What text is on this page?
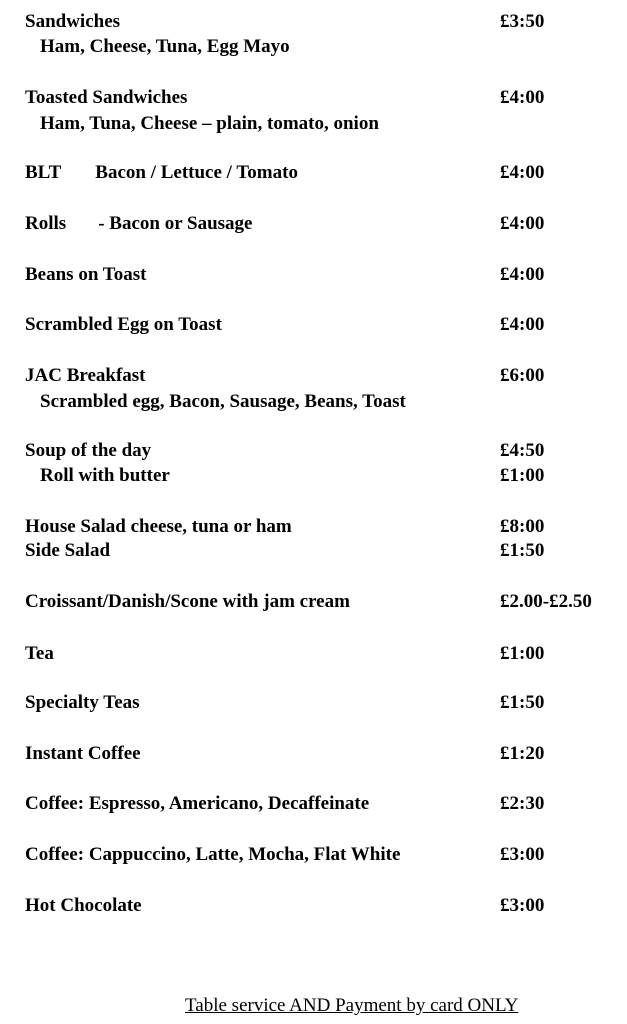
Sandwiches	£3:50

Ham, Cheese, Tuna, Egg Mayo

Toasted Sandwiches	£4:00

Ham, Tuna, Cheese – plain, tomato, onion

BLT Bacon / Lettuce / Tomato	£4:00

Rolls - Bacon or Sausage	£4:00

Beans on Toast	£4:00

Scrambled Egg on Toast	£4:00

JAC Breakfast	£6:00

Scrambled egg, Bacon, Sausage, Beans, Toast

Soup of the day	£4:50

Roll with butter	£1:00

House Salad cheese, tuna or ham	£8:00

Side Salad	£1:50

Croissant/Danish/Scone with jam cream	£2.00-£2.50

Tea	£1:00

Specialty Teas	£1:50

Instant Coffee	£1:20

Coffee: Espresso, Americano, Decaffeinate	£2:30

Coffee: Cappuccino, Latte, Mocha, Flat White	£3:00

Hot Chocolate	£3:00

Table service AND Payment by card ONLY
